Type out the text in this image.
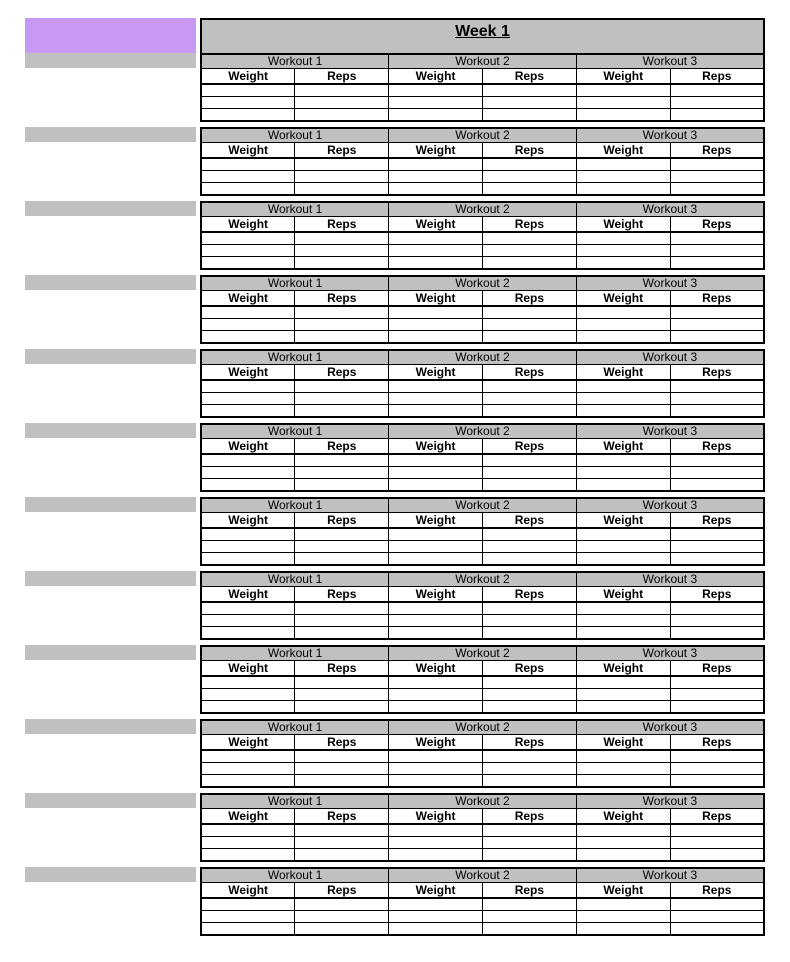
Week 1
Workout 1		Workout 2		Workout 3	
Weight	Reps	Weight	Reps	Weight	Reps

Workout 1		Workout 2		Workout 3	
Weight	Reps	Weight	Reps	Weight	Reps

Workout 1		Workout 2		Workout 3	
Weight	Reps	Weight	Reps	Weight	Reps

Workout 1		Workout 2		Workout 3	
Weight	Reps	Weight	Reps	Weight	Reps

Workout 1		Workout 2		Workout 3	
Weight	Reps	Weight	Reps	Weight	Reps

Workout 1		Workout 2		Workout 3	
Weight	Reps	Weight	Reps	Weight	Reps

Workout 1		Workout 2		Workout 3	
Weight	Reps	Weight	Reps	Weight	Reps

Workout 1		Workout 2		Workout 3	
Weight	Reps	Weight	Reps	Weight	Reps

Workout 1		Workout 2		Workout 3	
Weight	Reps	Weight	Reps	Weight	Reps

Workout 1		Workout 2		Workout 3	
Weight	Reps	Weight	Reps	Weight	Reps

Workout 1		Workout 2		Workout 3	
Weight	Reps	Weight	Reps	Weight	Reps

Workout 1		Workout 2		Workout 3	
Weight	Reps	Weight	Reps	Weight	Reps
